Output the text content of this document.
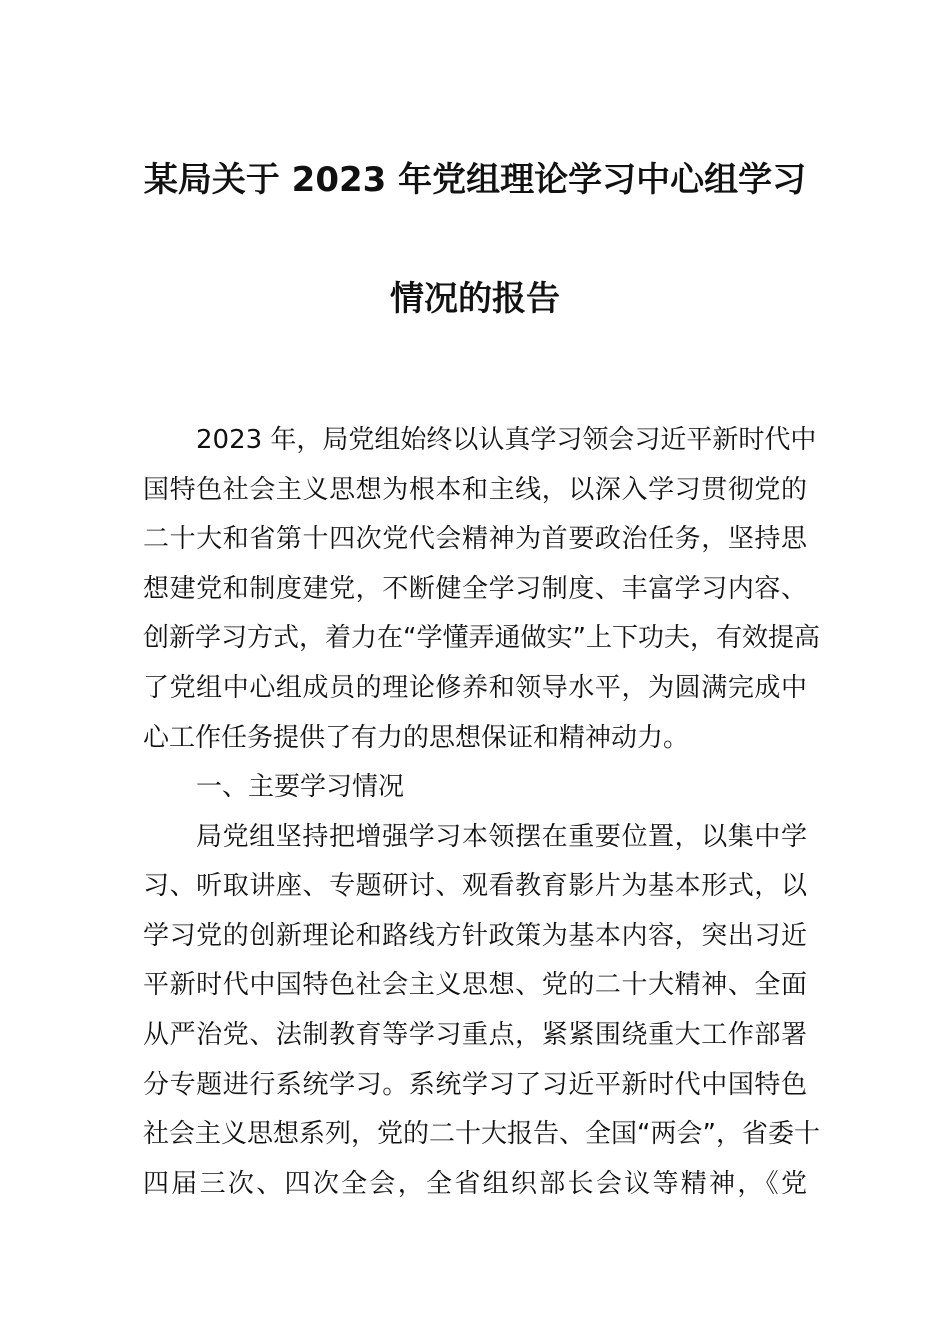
某局关于 2023 年党组理论学习中心组学习
情况的报告
2023 年，局党组始终以认真学习领会习近平新时代中
国特色社会主义思想为根本和主线，以深入学习贯彻党的
二十大和省第十四次党代会精神为首要政治任务，坚持思
想建党和制度建党，不断健全学习制度、丰富学习内容、
创新学习方式，着力在“学懂弄通做实”上下功夫，有效提高
了党组中心组成员的理论修养和领导水平，为圆满完成中
心工作任务提供了有力的思想保证和精神动力。
一、主要学习情况
局党组坚持把增强学习本领摆在重要位置，以集中学
习、听取讲座、专题研讨、观看教育影片为基本形式，以
学习党的创新理论和路线方针政策为基本内容，突出习近
平新时代中国特色社会主义思想、党的二十大精神、全面
从严治党、法制教育等学习重点，紧紧围绕重大工作部署
分专题进行系统学习。系统学习了习近平新时代中国特色
社会主义思想系列，党的二十大报告、全国“两会”，省委十
四届三次、四次全会，全省组织部长会议等精神，《党
